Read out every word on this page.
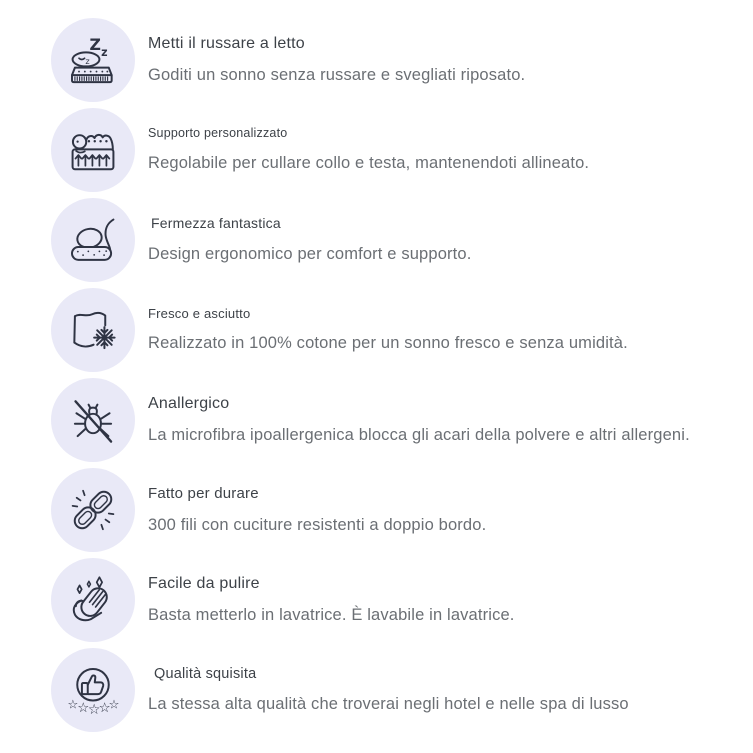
Z z
z
Metti il russare a letto
Goditi un sonno senza russare e svegliati riposato.
Supporto personalizzato
Regolabile per cullare collo e testa, mantenendoti allineato.
Fermezza fantastica
Design ergonomico per comfort e supporto.
Fresco e asciutto
Realizzato in 100% cotone per un sonno fresco e senza umidità.
Anallergico
La microfibra ipoallergenica blocca gli acari della polvere e altri allergeni.
Fatto per durare
300 fili con cuciture resistenti a doppio bordo.
Facile da pulire
Basta metterlo in lavatrice. È lavabile in lavatrice.
☆
☆
☆
☆
☆
Qualità squisita
La stessa alta qualità che troverai negli hotel e nelle spa di lusso
